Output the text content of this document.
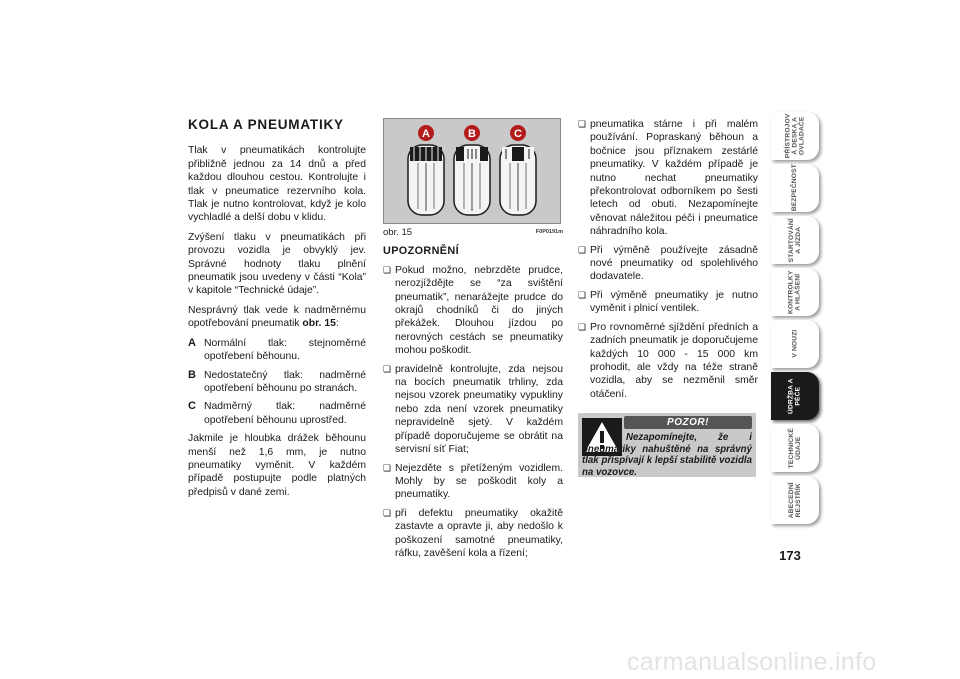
KOLA A PNEUMATIKY

Tlak v pneumatikách kontrolujte přibližně jednou za 14 dnů a před každou dlouhou cestou. Kontrolujte i tlak v pneumatice rezervního kola. Tlak je nutno kontrolovat, když je kolo vychladlé a delší dobu v klidu.

Zvýšení tlaku v pneumatikách při provozu vozidla je obvyklý jev. Správné hodnoty tlaku plnění pneumatik jsou uvedeny v části “Kola” v kapitole “Technické údaje”.

Nesprávný tlak vede k nadměrnému opotřebování pneumatik obr. 15:

A Normální tlak: stejnoměrné opotřebení běhounu.
B Nedostatečný tlak: nadměrné opotřebení běhounu po stranách.
C Nadměrný tlak: nadměrné opotřebení běhounu uprostřed.

Jakmile je hloubka drážek běhounu menší než 1,6 mm, je nutno pneumatiky vyměnit. V každém případě postupujte podle platných předpisů v dané zemi.

A	B	C
obr. 15	F0P0191m
UPOZORNĚNÍ
❏ Pokud možno, nebrzděte prudce, nerozjíždějte se “za svištění pneumatik”, nenarážejte prudce do okrajů chodníků či do jiných překážek. Dlouhou jízdou po nerovných cestách se pneumatiky mohou poškodit.
❏ pravidelně kontrolujte, zda nejsou na bocích pneumatik trhliny, zda nejsou vzorek pneumatiky vypukliny nebo zda není vzorek pneumatiky nepravidelně sjetý. V každém případě doporučujeme se obrátit na servisní síť Fiat;
❏ Nejezděte s přetíženým vozidlem. Mohly by se poškodit koly a pneumatiky.
❏ při defektu pneumatiky okažitě zastavte a opravte ji, aby nedošlo k poškození samotné pneumatiky, ráfku, zavěšení kola a řízení;
❏ pneumatika stárne i při malém používání. Popraskaný běhoun a bočnice jsou příznakem zestárlé pneumatiky. V každém případě je nutno nechat pneumatiky překontrolovat odborníkem po šesti letech od obuti. Nezapomínejte věnovat náležitou péči i pneumatice náhradního kola.
❏ Při výměně používejte zásadně nové pneumatiky od spolehlivého dodavatele.
❏ Při výměně pneumatiky je nutno vyměnit i plnicí ventilek.
❏ Pro rovnoměrné sjíždění předních a zadních pneumatik je doporučujeme každých 10 000 - 15 000 km prohodit, ale vždy na téže straně vozidla, aby se nezměnil směr otáčení.
POZOR!

Nezapomínejte, že i pneumatiky nahuštěné na správný tlak přispívají k lepší stabilitě vozidla na vozovce.

PŘÍSTROJOV
Á DESKA A
OVLADAČE
BEZPEČNOST
STARTOVÁNÍ
A JÍZDA
KONTROLKY
A HLÁŠENÍ
V NOUZI
ÚDRŽBA A
PÉČE
TECHNICKÉ
ÚDAJE
ABECEDNÍ
REJSTŘÍK
173
carmanualsonline.info
